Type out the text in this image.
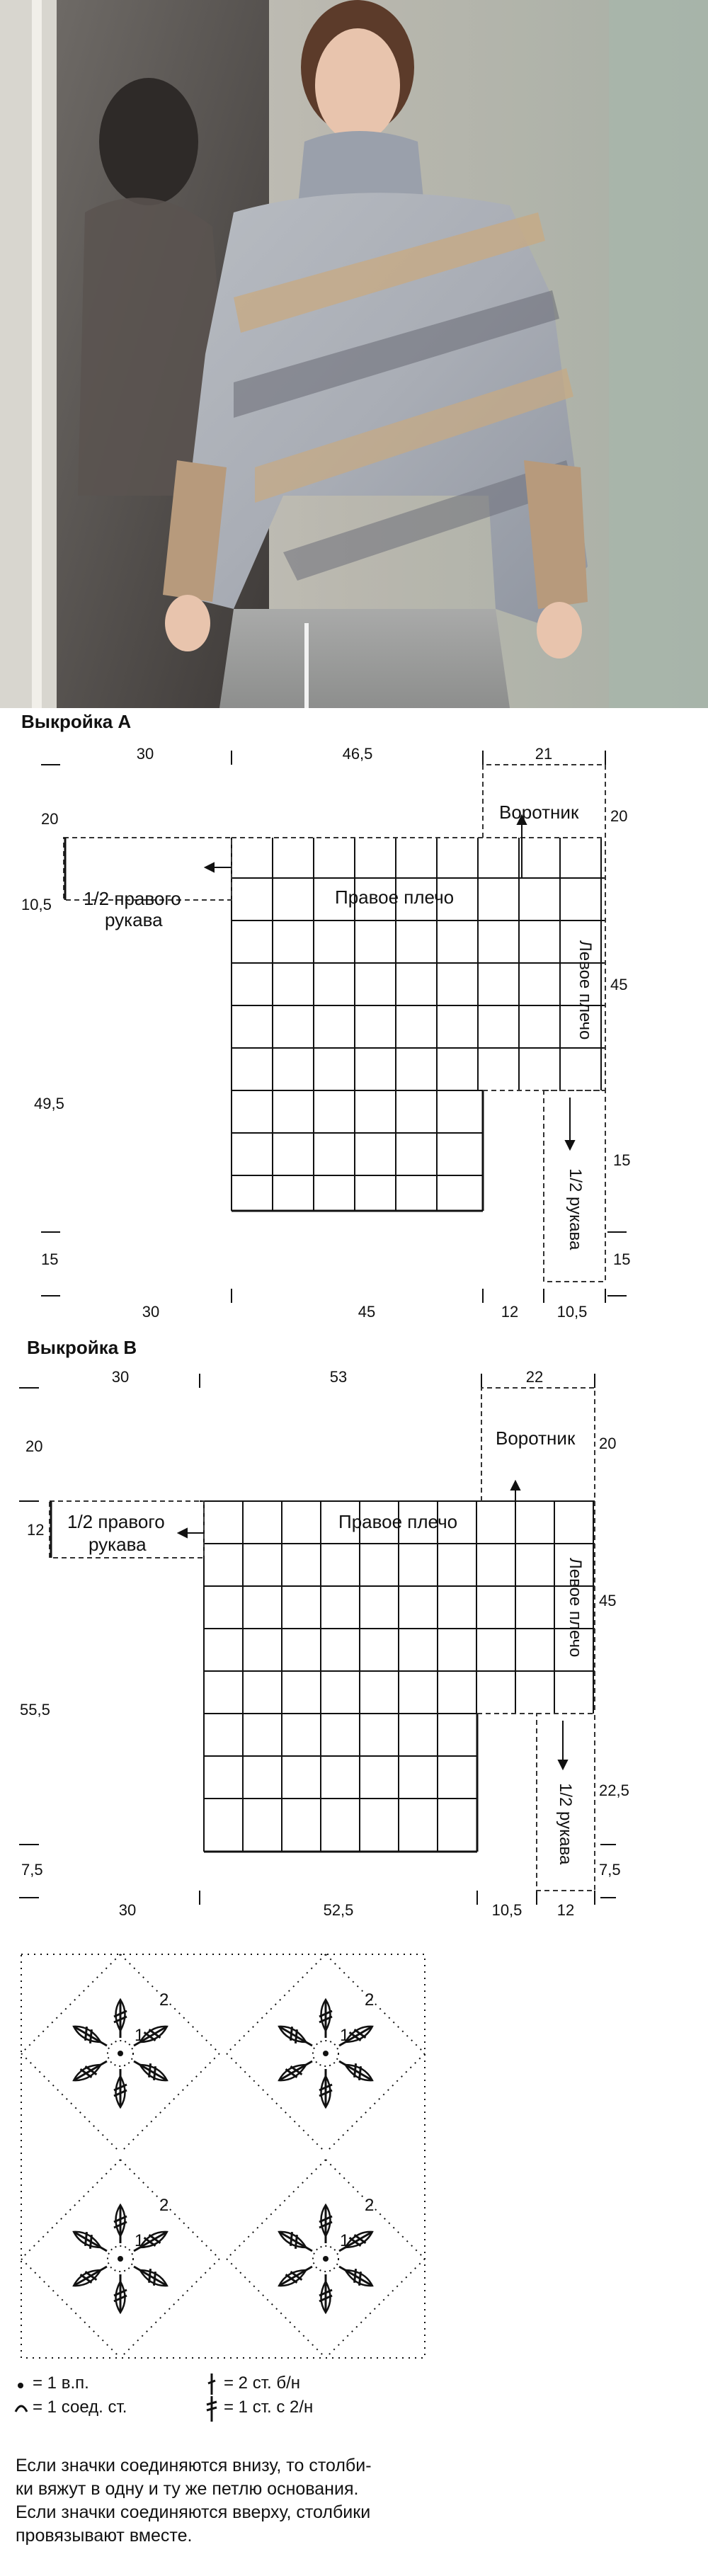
Выкройка А
30	46,5	21
20
10,5
49,5
15
20
45
15
15
Воротник
Правое плечо
1/2 правого
рукава
Левое плечо
1/2 рукава
30	45	12 10,5
Выкройка В
30	53	22
20
12
55,5
7,5
20
45
22,5
7,5
Воротник
Правое плечо
1/2 правого
рукава
Левое плечо
1/2 рукава
30	52,5	10,5 12
2
1
2
1
2
1
2
1
= 1 в.п.
= 1 соед. ст.
= 2 ст. б/н
= 1 ст. с 2/н
Если значки соединяются внизу, то столби-
ки вяжут в одну и ту же петлю основания.
Если значки соединяются вверху, столбики
провязывают вместе.
